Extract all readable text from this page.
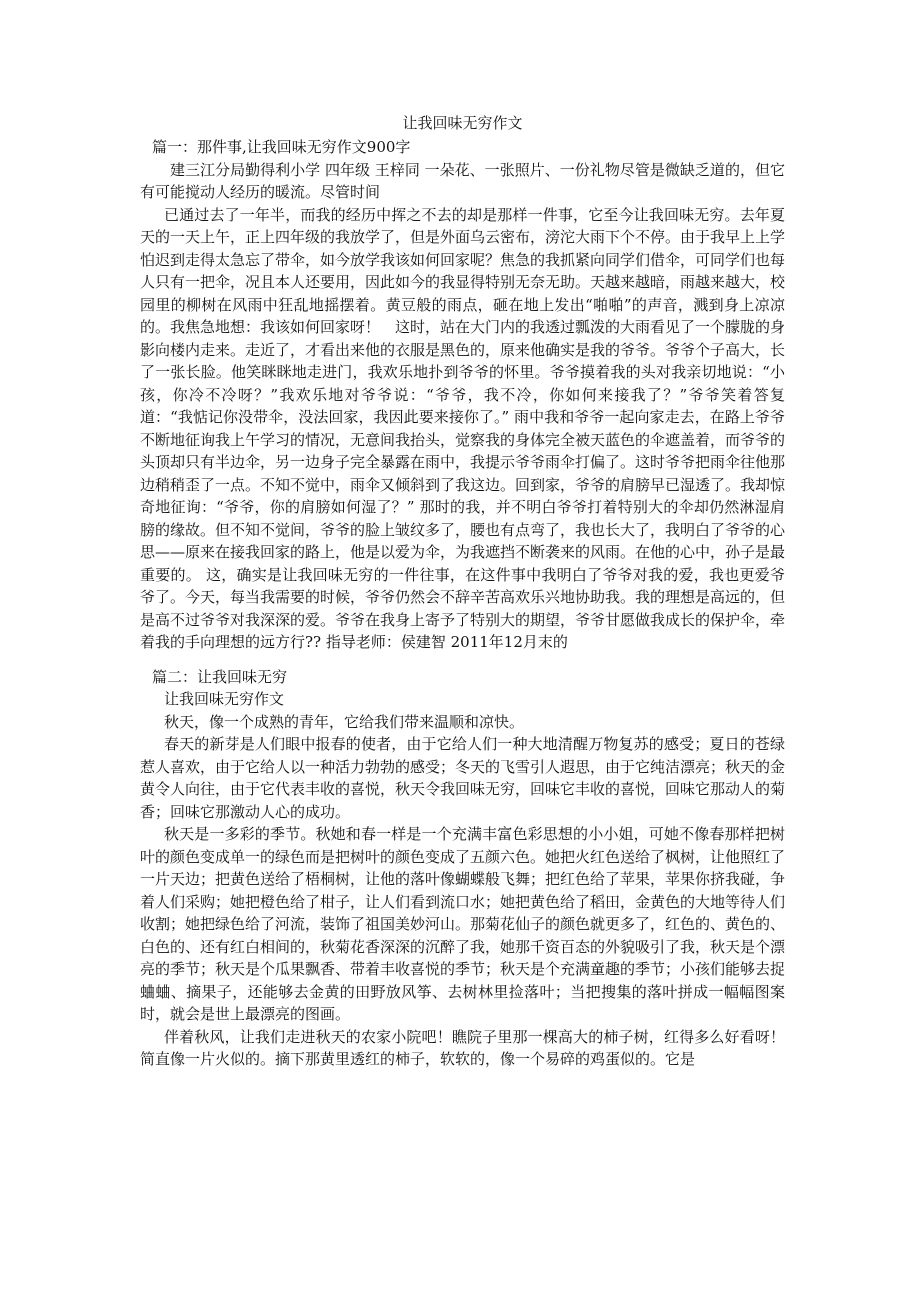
让我回味无穷作文

篇一：那件事,让我回味无穷作文900字

建三江分局勤得利小学 四年级 王梓同 一朵花、一张照片、一份礼物尽管是微缺乏道的，但它有可能搅动人经历的暖流。尽管时间

已通过去了一年半，而我的经历中挥之不去的却是那样一件事，它至今让我回味无穷。去年夏天的一天上午，正上四年级的我放学了，但是外面乌云密布，滂沱大雨下个不停。由于我早上上学怕迟到走得太急忘了带伞，如今放学我该如何回家呢？焦急的我抓紧向同学们借伞，可同学们也每人只有一把伞，况且本人还要用，因此如今的我显得特别无奈无助。天越来越暗，雨越来越大，校园里的柳树在风雨中狂乱地摇摆着。黄豆般的雨点，砸在地上发出“啪啪”的声音，溅到身上凉凉的。我焦急地想：我该如何回家呀！　这时，站在大门内的我透过瓢泼的大雨看见了一个朦胧的身影向楼内走来。走近了，才看出来他的衣服是黑色的，原来他确实是我的爷爷。爷爷个子高大，长了一张长脸。他笑眯眯地走进门，我欢乐地扑到爷爷的怀里。爷爷摸着我的头对我亲切地说：“小孩，你冷不冷呀？”我欢乐地对爷爷说：“爷爷，我不冷，你如何来接我了？”爷爷笑着答复道：“我惦记你没带伞，没法回家，我因此要来接你了。” 雨中我和爷爷一起向家走去，在路上爷爷不断地征询我上午学习的情况，无意间我抬头，觉察我的身体完全被天蓝色的伞遮盖着，而爷爷的头顶却只有半边伞，另一边身子完全暴露在雨中，我提示爷爷雨伞打偏了。这时爷爷把雨伞往他那边稍稍歪了一点。不知不觉中，雨伞又倾斜到了我这边。回到家，爷爷的肩膀早已湿透了。我却惊奇地征询：“爷爷，你的肩膀如何湿了？” 那时的我，并不明白爷爷打着特别大的伞却仍然淋湿肩膀的缘故。但不知不觉间，爷爷的脸上皱纹多了，腰也有点弯了，我也长大了，我明白了爷爷的心思——原来在接我回家的路上，他是以爱为伞，为我遮挡不断袭来的风雨。在他的心中，孙子是最重要的。 这，确实是让我回味无穷的一件往事，在这件事中我明白了爷爷对我的爱，我也更爱爷爷了。今天，每当我需要的时候，爷爷仍然会不辞辛苦高欢乐兴地协助我。我的理想是高远的，但是高不过爷爷对我深深的爱。爷爷在我身上寄予了特别大的期望，爷爷甘愿做我成长的保护伞，牵着我的手向理想的远方行?? 指导老师：侯建智 2011年12月末的

篇二：让我回味无穷

让我回味无穷作文

秋天，像一个成熟的青年，它给我们带来温顺和凉快。

春天的新芽是人们眼中报春的使者，由于它给人们一种大地清醒万物复苏的感受；夏日的苍绿惹人喜欢，由于它给人以一种活力勃勃的感受；冬天的飞雪引人遐思，由于它纯洁漂亮；秋天的金黄令人向往，由于它代表丰收的喜悦，秋天令我回味无穷，回味它丰收的喜悦，回味它那动人的菊香；回味它那激动人心的成功。

秋天是一多彩的季节。秋她和春一样是一个充满丰富色彩思想的小小姐，可她不像春那样把树叶的颜色变成单一的绿色而是把树叶的颜色变成了五颜六色。她把火红色送给了枫树，让他照红了一片天边；把黄色送给了梧桐树，让他的落叶像蝴蝶般飞舞；把红色给了苹果，苹果你挤我碰，争着人们采购；她把橙色给了柑子，让人们看到流口水；她把黄色给了稻田，金黄色的大地等待人们收割；她把绿色给了河流，装饰了祖国美妙河山。那菊花仙子的颜色就更多了，红色的、黄色的、白色的、还有红白相间的，秋菊花香深深的沉醉了我，她那千资百态的外貌吸引了我，秋天是个漂亮的季节；秋天是个瓜果飘香、带着丰收喜悦的季节；秋天是个充满童趣的季节；小孩们能够去捉蛐蛐、摘果子，还能够去金黄的田野放风筝、去树林里捡落叶；当把搜集的落叶拼成一幅幅图案时，就会是世上最漂亮的图画。

伴着秋风，让我们走进秋天的农家小院吧！瞧院子里那一棵高大的柿子树，红得多么好看呀！简直像一片火似的。摘下那黄里透红的柿子，软软的，像一个易碎的鸡蛋似的。它是
